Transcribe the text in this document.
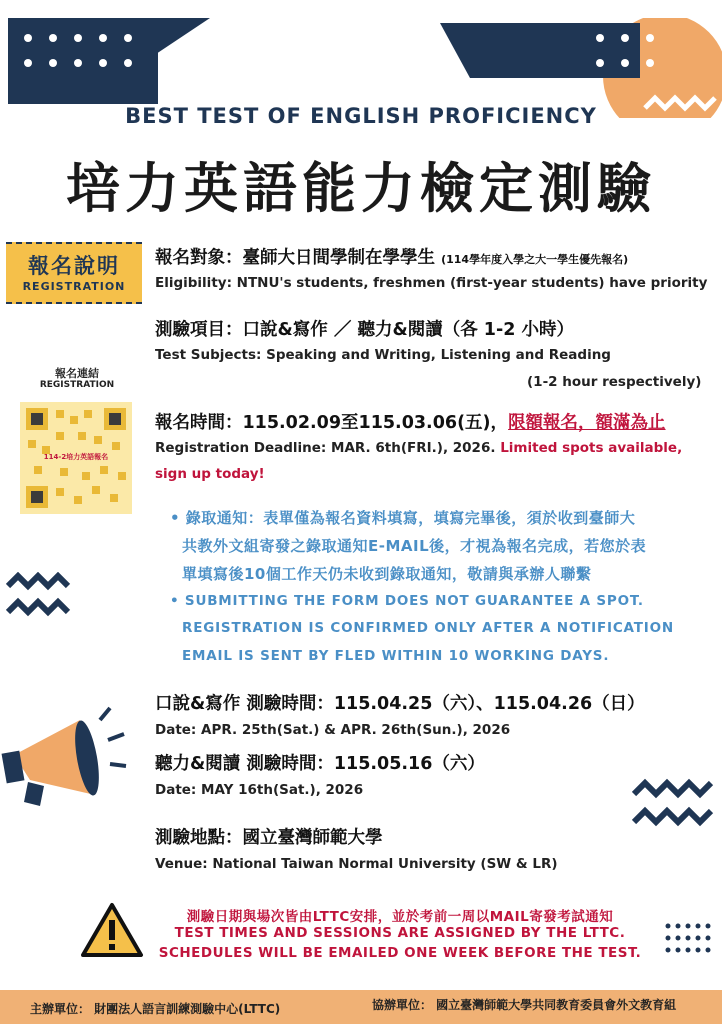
BEST TEST OF ENGLISH PROFICIENCY
培力英語能力檢定測驗
報名說明
REGISTRATION
報名連結
REGISTRATION
114-2培力英語報名
報名對象：臺師大日間學制在學學生 (114學年度入學之大一學生優先報名)
Eligibility: NTNU's students, freshmen (first-year students) have priority
測驗項目：口說&寫作 ／ 聽力&閱讀（各 1-2 小時）
Test Subjects: Speaking and Writing, Listening and Reading
(1-2 hour respectively)
報名時間：115.02.09至115.03.06(五)，限額報名，額滿為止
Registration Deadline: MAR. 6th(FRI.), 2026. Limited spots available,
sign up today!
• 錄取通知：表單僅為報名資料填寫，填寫完畢後，須於收到臺師大
共教外文組寄發之錄取通知E-MAIL後，才視為報名完成，若您於表
單填寫後10個工作天仍未收到錄取通知，敬請與承辦人聯繫
• SUBMITTING THE FORM DOES NOT GUARANTEE A SPOT.
REGISTRATION IS CONFIRMED ONLY AFTER A NOTIFICATION
EMAIL IS SENT BY FLED WITHIN 10 WORKING DAYS.
口說&寫作 測驗時間：115.04.25（六）、115.04.26（日）
Date: APR. 25th(Sat.) & APR. 26th(Sun.), 2026
聽力&閱讀 測驗時間：115.05.16（六）
Date: MAY 16th(Sat.), 2026
測驗地點：國立臺灣師範大學
Venue: National Taiwan Normal University (SW & LR)
測驗日期與場次皆由LTTC安排，並於考前一周以MAIL寄發考試通知
TEST TIMES AND SESSIONS ARE ASSIGNED BY THE LTTC.
SCHEDULES WILL BE EMAILED ONE WEEK BEFORE THE TEST.
主辦單位： 財團法人語言訓練測驗中心(LTTC)	協辦單位： 國立臺灣師範大學共同教育委員會外文教育組
